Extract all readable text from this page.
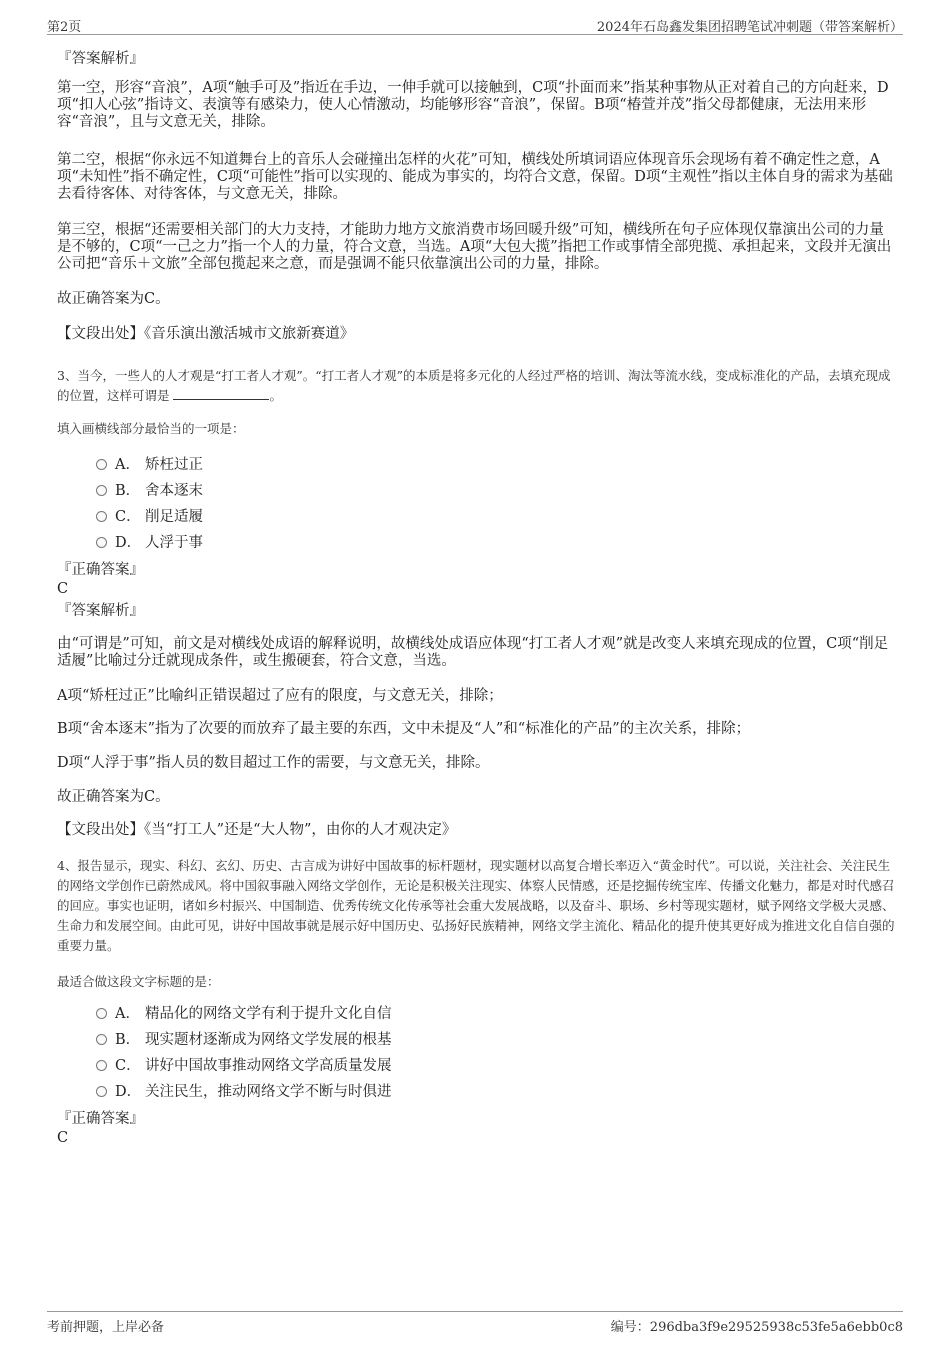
第2页	2024年石岛鑫发集团招聘笔试冲刺题（带答案解析）
『答案解析』

第一空，形容“音浪”，A项“触手可及”指近在手边，一伸手就可以接触到，C项“扑面而来”指某种事物从正对着自己的方向赶来，D项“扣人心弦”指诗文、表演等有感染力，使人心情激动，均能够形容“音浪”，保留。B项“椿萱并茂”指父母都健康，无法用来形容“音浪”，且与文意无关，排除。

第二空，根据“你永远不知道舞台上的音乐人会碰撞出怎样的火花”可知，横线处所填词语应体现音乐会现场有着不确定性之意，A项“未知性”指不确定性，C项“可能性”指可以实现的、能成为事实的，均符合文意，保留。D项“主观性”指以主体自身的需求为基础去看待客体、对待客体，与文意无关，排除。

第三空，根据“还需要相关部门的大力支持，才能助力地方文旅消费市场回暖升级”可知，横线所在句子应体现仅靠演出公司的力量是不够的，C项“一己之力”指一个人的力量，符合文意，当选。A项“大包大揽”指把工作或事情全部兜揽、承担起来，文段并无演出公司把“音乐＋文旅”全部包揽起来之意，而是强调不能只依靠演出公司的力量，排除。

故正确答案为C。

【文段出处】《音乐演出激活城市文旅新赛道》

3、当今，一些人的人才观是“打工者人才观”。“打工者人才观”的本质是将多元化的人经过严格的培训、淘汰等流水线，变成标准化的产品，去填充现成的位置，这样可谓是	。

填入画横线部分最恰当的一项是：

A． 矫枉过正
B． 舍本逐末
C． 削足适履
D． 人浮于事

『正确答案』

C

『答案解析』

由“可谓是”可知，前文是对横线处成语的解释说明，故横线处成语应体现“打工者人才观”就是改变人来填充现成的位置，C项“削足适履”比喻过分迁就现成条件，或生搬硬套，符合文意，当选。

A项“矫枉过正”比喻纠正错误超过了应有的限度，与文意无关，排除；

B项“舍本逐末”指为了次要的而放弃了最主要的东西，文中未提及“人”和“标准化的产品”的主次关系，排除；

D项“人浮于事”指人员的数目超过工作的需要，与文意无关，排除。

故正确答案为C。

【文段出处】《当“打工人”还是“大人物”，由你的人才观决定》

4、报告显示，现实、科幻、玄幻、历史、古言成为讲好中国故事的标杆题材，现实题材以高复合增长率迈入“黄金时代”。可以说，关注社会、关注民生的网络文学创作已蔚然成风。将中国叙事融入网络文学创作，无论是积极关注现实、体察人民情感，还是挖掘传统宝库、传播文化魅力，都是对时代感召的回应。事实也证明，诸如乡村振兴、中国制造、优秀传统文化传承等社会重大发展战略，以及奋斗、职场、乡村等现实题材，赋予网络文学极大灵感、生命力和发展空间。由此可见，讲好中国故事就是展示好中国历史、弘扬好民族精神，网络文学主流化、精品化的提升使其更好成为推进文化自信自强的重要力量。

最适合做这段文字标题的是：

A． 精品化的网络文学有利于提升文化自信
B． 现实题材逐渐成为网络文学发展的根基
C． 讲好中国故事推动网络文学高质量发展
D． 关注民生，推动网络文学不断与时俱进

『正确答案』

C

考前押题，上岸必备	编号：296dba3f9e29525938c53fe5a6ebb0c8
